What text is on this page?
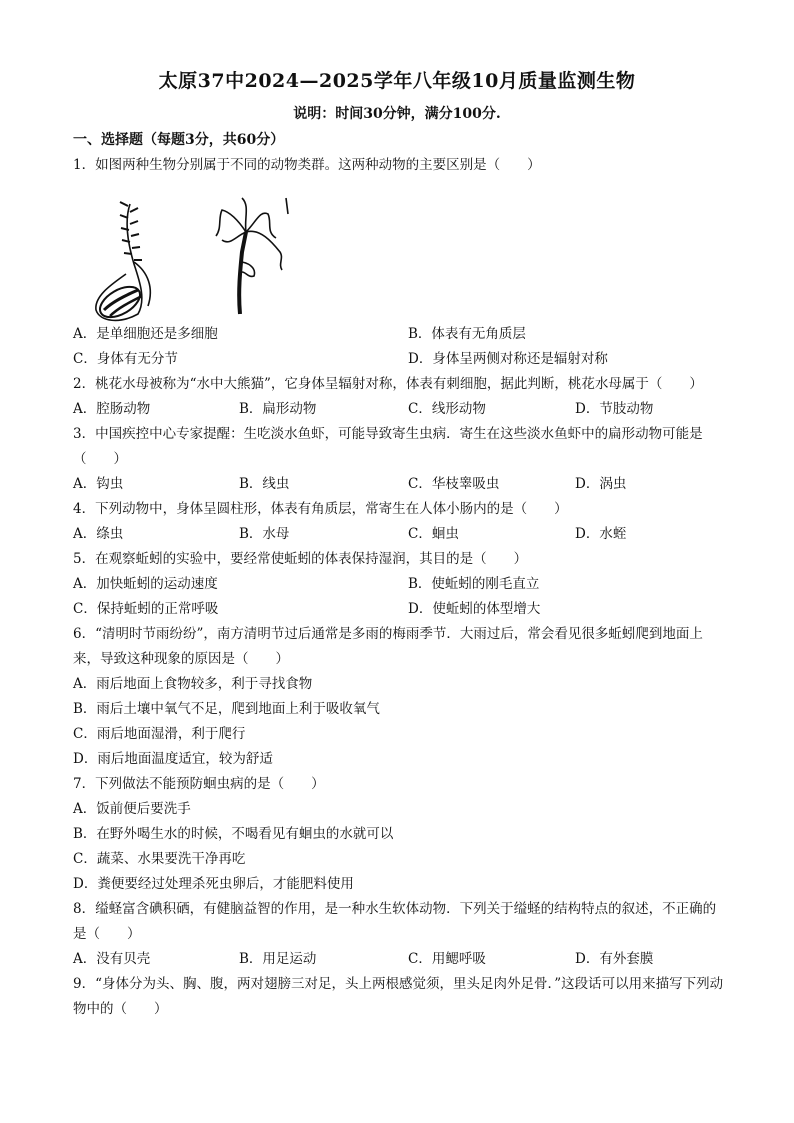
太原37中2024—2025学年八年级10月质量监测生物
说明：时间30分钟，满分100分.
一、选择题（每题3分，共60分）
1．如图两种生物分别属于不同的动物类群。这两种动物的主要区别是（　　）
A．是单细胞还是多细胞	B．体表有无角质层
C．身体有无分节	D．身体呈两侧对称还是辐射对称
2．桃花水母被称为“水中大熊猫”，它身体呈辐射对称，体表有刺细胞，据此判断，桃花水母属于（　　）
A．腔肠动物	B．扁形动物	C．线形动物	D．节肢动物
3．中国疾控中心专家提醒：生吃淡水鱼虾，可能导致寄生虫病．寄生在这些淡水鱼虾中的扁形动物可能是（　　）
A．钩虫	B．线虫	C．华枝睾吸虫	D．涡虫
4．下列动物中，身体呈圆柱形，体表有角质层，常寄生在人体小肠内的是（　　）
A．绦虫	B．水母	C．蛔虫	D．水蛭
5．在观察蚯蚓的实验中，要经常使蚯蚓的体表保持湿润，其目的是（　　）
A．加快蚯蚓的运动速度	B．使蚯蚓的刚毛直立
C．保持蚯蚓的正常呼吸	D．使蚯蚓的体型增大
6．“清明时节雨纷纷”，南方清明节过后通常是多雨的梅雨季节．大雨过后，常会看见很多蚯蚓爬到地面上来，导致这种现象的原因是（　　）
A．雨后地面上食物较多，利于寻找食物
B．雨后土壤中氧气不足，爬到地面上利于吸收氧气
C．雨后地面湿滑，利于爬行
D．雨后地面温度适宜，较为舒适
7．下列做法不能预防蛔虫病的是（　　）
A．饭前便后要洗手
B．在野外喝生水的时候，不喝看见有蛔虫的水就可以
C．蔬菜、水果要洗干净再吃
D．粪便要经过处理杀死虫卵后，才能肥料使用
8．缢蛏富含碘积硒，有健脑益智的作用，是一种水生软体动物．下列关于缢蛏的结构特点的叙述，不正确的是（　　）
A．没有贝壳	B．用足运动	C．用鳃呼吸	D．有外套膜
9．“身体分为头、胸、腹，两对翅膀三对足，头上两根感觉须，里头足肉外足骨．”这段话可以用来描写下列动物中的（　　）
